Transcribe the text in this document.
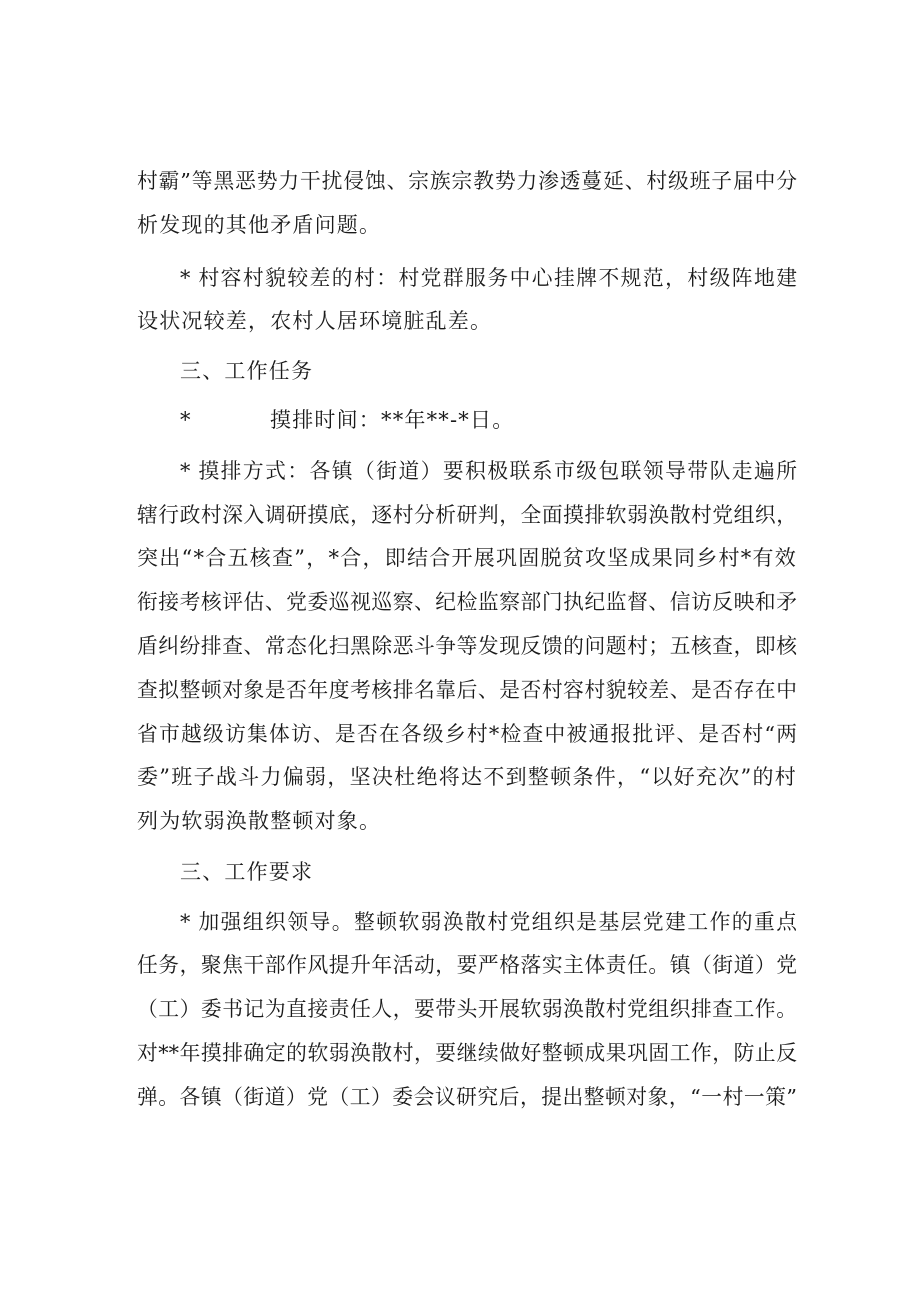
村霸”等黑恶势力干扰侵蚀、宗族宗教势力渗透蔓延、村级班子届中分
析发现的其他矛盾问题。
* 村容村貌较差的村：村党群服务中心挂牌不规范，村级阵地建
设状况较差，农村人居环境脏乱差。
三、工作任务
*	摸排时间：**年**-*日。
* 摸排方式：各镇（街道）要积极联系市级包联领导带队走遍所
辖行政村深入调研摸底，逐村分析研判，全面摸排软弱涣散村党组织，
突出“*合五核查”，*合，即结合开展巩固脱贫攻坚成果同乡村*有效
衔接考核评估、党委巡视巡察、纪检监察部门执纪监督、信访反映和矛
盾纠纷排查、常态化扫黑除恶斗争等发现反馈的问题村；五核查，即核
查拟整顿对象是否年度考核排名靠后、是否村容村貌较差、是否存在中
省市越级访集体访、是否在各级乡村*检查中被通报批评、是否村“两
委”班子战斗力偏弱，坚决杜绝将达不到整顿条件，“以好充次”的村
列为软弱涣散整顿对象。
三、工作要求
* 加强组织领导。整顿软弱涣散村党组织是基层党建工作的重点
任务，聚焦干部作风提升年活动，要严格落实主体责任。镇（街道）党
（工）委书记为直接责任人，要带头开展软弱涣散村党组织排查工作。
对**年摸排确定的软弱涣散村，要继续做好整顿成果巩固工作，防止反
弹。各镇（街道）党（工）委会议研究后，提出整顿对象，“一村一策”
